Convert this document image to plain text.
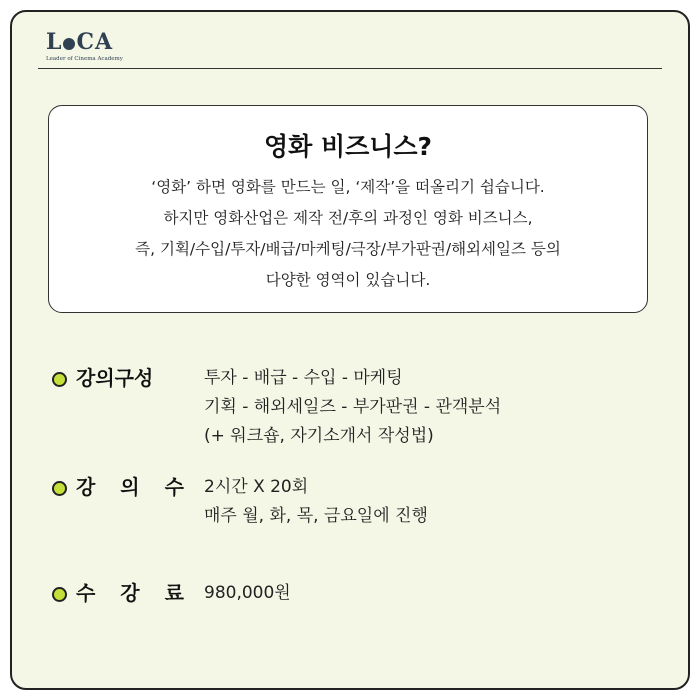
L CA
Leader of Cinema Academy
영화 비즈니스?
‘영화’ 하면 영화를 만드는 일, ‘제작’을 떠올리기 쉽습니다.
하지만 영화산업은 제작 전/후의 과정인 영화 비즈니스,
즉, 기획/수입/투자/배급/마케팅/극장/부가판권/해외세일즈 등의
다양한 영역이 있습니다.
강의구성	투자 - 배급 - 수입 - 마케팅
기획 - 해외세일즈 - 부가판권 - 관객분석
(+ 워크숍, 자기소개서 작성법)
강 의 수 2시간 X 20회
매주 월, 화, 목, 금요일에 진행
수 강 료 980,000원
